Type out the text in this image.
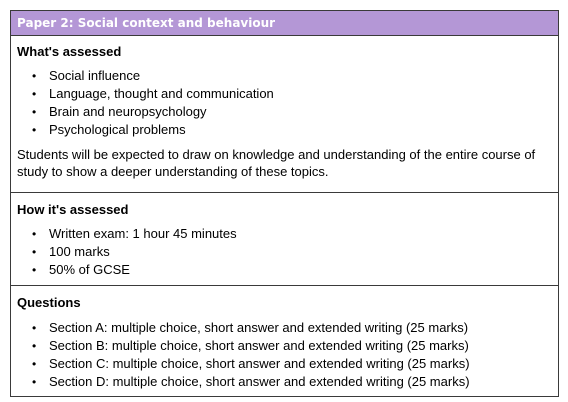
Paper 2: Social context and behaviour
What's assessed
• Social influence
• Language, thought and communication
• Brain and neuropsychology
• Psychological problems
Students will be expected to draw on knowledge and understanding of the entire course of study to show a deeper understanding of these topics.
How it's assessed
• Written exam: 1 hour 45 minutes
• 100 marks
• 50% of GCSE
Questions
• Section A: multiple choice, short answer and extended writing (25 marks)
• Section B: multiple choice, short answer and extended writing (25 marks)
• Section C: multiple choice, short answer and extended writing (25 marks)
• Section D: multiple choice, short answer and extended writing (25 marks)
